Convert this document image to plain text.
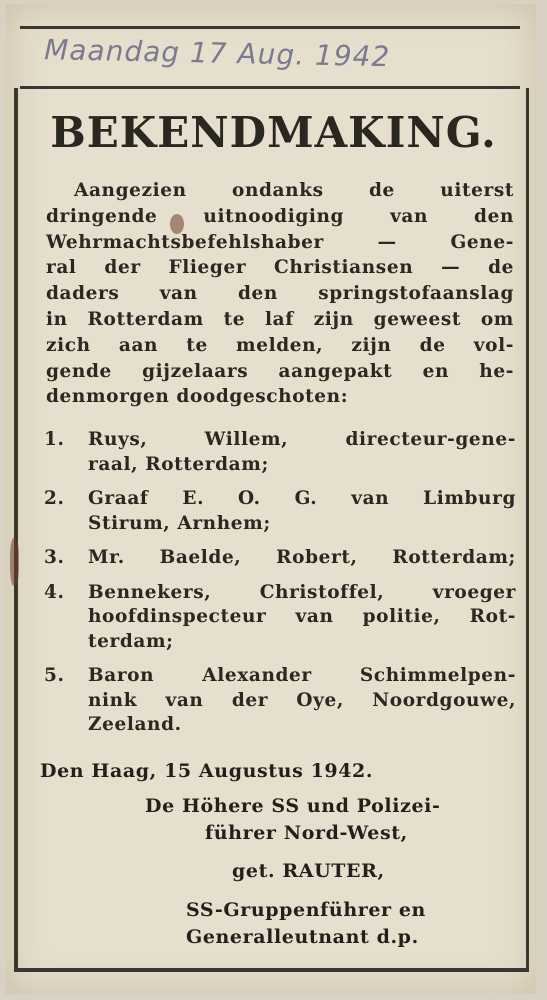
Maandag 17 Aug. 1942
BEKENDMAKING.
Aangezien ondanks de uiterst
dringende uitnoodiging van den
Wehrmachtsbefehlshaber — Gene-
ral der Flieger Christiansen — de
daders van den springstofaanslag
in Rotterdam te laf zijn geweest om
zich aan te melden, zijn de vol-
gende gijzelaars aangepakt en he-
denmorgen doodgeschoten:
1. Ruys, Willem, directeur-gene-
raal, Rotterdam;
2. Graaf E. O. G. van Limburg
Stirum, Arnhem;
3. Mr. Baelde, Robert, Rotterdam;
4. Bennekers, Christoffel, vroeger
hoofdinspecteur van politie, Rot-
terdam;
5. Baron Alexander Schimmelpen-
nink van der Oye, Noordgouwe,
Zeeland.
Den Haag, 15 Augustus 1942.
De Höhere SS und Polizei-
führer Nord-West,
get. RAUTER,
SS-Gruppenführer en
Generalleutnant d.p.
